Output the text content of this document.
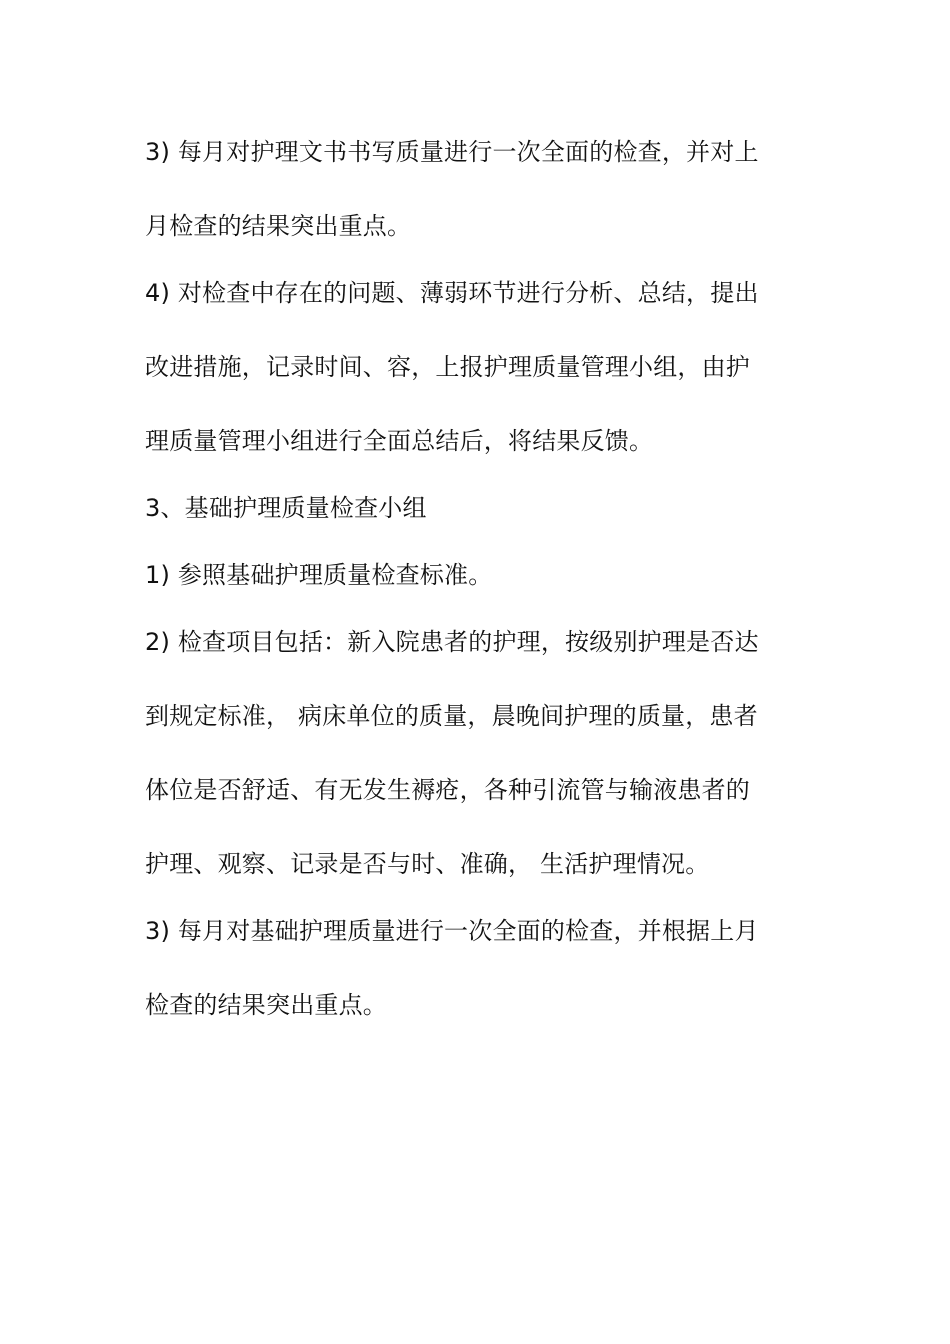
3) 每月对护理文书书写质量进行一次全面的检查，并对上
月检查的结果突出重点。
4) 对检查中存在的问题、薄弱环节进行分析、总结，提出
改进措施，记录时间、容，上报护理质量管理小组，由护
理质量管理小组进行全面总结后，将结果反馈。
3、基础护理质量检查小组
1) 参照基础护理质量检查标准。
2) 检查项目包括：新入院患者的护理，按级别护理是否达
到规定标准， 病床单位的质量，晨晚间护理的质量，患者
体位是否舒适、有无发生褥疮，各种引流管与输液患者的
护理、观察、记录是否与时、准确， 生活护理情况。
3) 每月对基础护理质量进行一次全面的检查，并根据上月
检查的结果突出重点。
